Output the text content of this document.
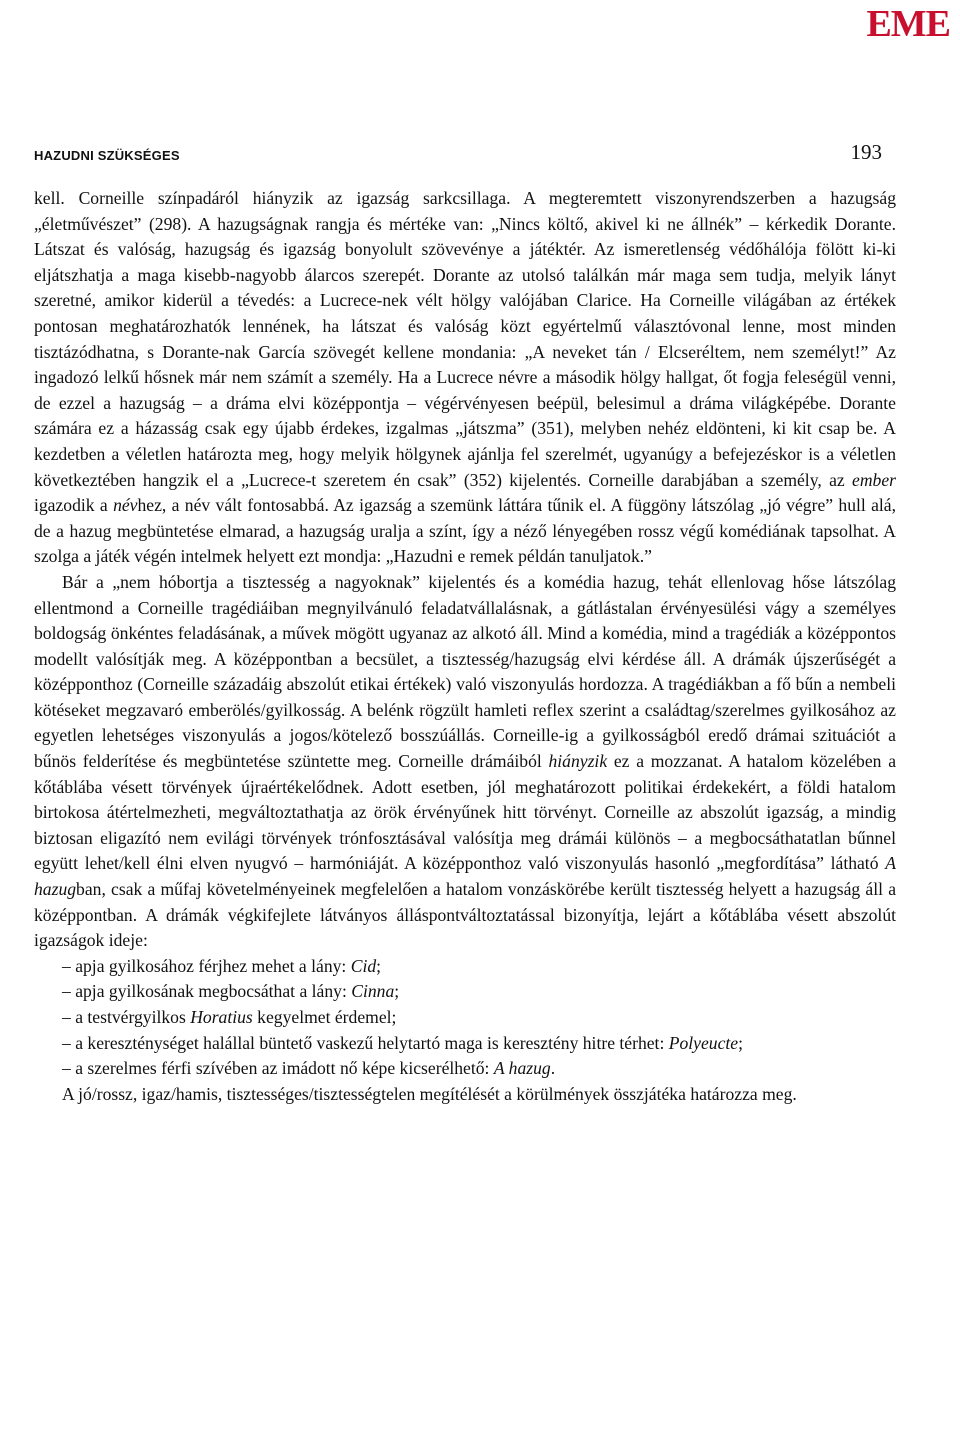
EME
HAZUDNI SZÜKSÉGES	193

kell. Corneille színpadáról hiányzik az igazság sarkcsillaga. A megteremtett viszonyrendszerben a hazugság „életművészet” (298). A hazugságnak rangja és mértéke van: „Nincs költő, akivel ki ne állnék” – kérkedik Dorante. Látszat és valóság, hazugság és igazság bonyolult szövevénye a játéktér. Az ismeretlenség védőhálója fölött ki-ki eljátszhatja a maga kisebb-nagyobb álarcos szerepét. Dorante az utolsó találkán már maga sem tudja, melyik lányt szeretné, amikor kiderül a tévedés: a Lucrece-nek vélt hölgy valójában Clarice. Ha Corneille világában az értékek pontosan meghatározhatók lennének, ha látszat és valóság közt egyértelmű választóvonal lenne, most minden tisztázódhatna, s Dorante-nak García szövegét kellene mondania: „A neveket tán / Elcseréltem, nem személyt!” Az ingadozó lelkű hősnek már nem számít a személy. Ha a Lucrece névre a második hölgy hallgat, őt fogja feleségül venni, de ezzel a hazugság – a dráma elvi középpontja – végérvényesen beépül, belesimul a dráma világképébe. Dorante számára ez a házasság csak egy újabb érdekes, izgalmas „játszma” (351), melyben nehéz eldönteni, ki kit csap be. A kezdetben a véletlen határozta meg, hogy melyik hölgynek ajánlja fel szerelmét, ugyanúgy a befejezéskor is a véletlen következtében hangzik el a „Lucrece-t szeretem én csak” (352) kijelentés. Corneille darabjában a személy, az ember igazodik a névhez, a név vált fontosabbá. Az igazság a szemünk láttára tűnik el. A függöny látszólag „jó végre” hull alá, de a hazug megbüntetése elmarad, a hazugság uralja a színt, így a néző lényegében rossz végű komédiának tapsolhat. A szolga a játék végén intelmek helyett ezt mondja: „Hazudni e remek példán tanuljatok.”

Bár a „nem hóbortja a tisztesség a nagyoknak” kijelentés és a komédia hazug, tehát ellenlovag hőse látszólag ellentmond a Corneille tragédiáiban megnyilvánuló feladatvállalásnak, a gátlástalan érvényesülési vágy a személyes boldogság önkéntes feladásának, a művek mögött ugyanaz az alkotó áll. Mind a komédia, mind a tragédiák a középpontos modellt valósítják meg. A középpontban a becsület, a tisztesség/hazugság elvi kérdése áll. A drámák újszerűségét a középponthoz (Corneille századáig abszolút etikai értékek) való viszonyulás hordozza. A tragédiákban a fő bűn a nembeli kötéseket megzavaró emberölés/gyilkosság. A belénk rögzült hamleti reflex szerint a családtag/szerelmes gyilkosához az egyetlen lehetséges viszonyulás a jogos/kötelező bosszúállás. Corneille-ig a gyilkosságból eredő drámai szituációt a bűnös felderítése és megbüntetése szüntette meg. Corneille drámáiból hiányzik ez a mozzanat. A hatalom közelében a kőtáblába vésett törvények újraértékelődnek. Adott esetben, jól meghatározott politikai érdekekért, a földi hatalom birtokosa átértelmezheti, megváltoztathatja az örök érvényűnek hitt törvényt. Corneille az abszolút igazság, a mindig biztosan eligazító nem evilági törvények trónfosztásával valósítja meg drámái különös – a megbocsáthatatlan bűnnel együtt lehet/kell élni elven nyugvó – harmóniáját. A középponthoz való viszonyulás hasonló „megfordítása” látható A hazugban, csak a műfaj követelményeinek megfelelően a hatalom vonzáskörébe került tisztesség helyett a hazugság áll a középpontban. A drámák végkifejlete látványos álláspontváltoztatással bizonyítja, lejárt a kőtáblába vésett abszolút igazságok ideje:

– apja gyilkosához férjhez mehet a lány: Cid;

– apja gyilkosának megbocsáthat a lány: Cinna;

– a testvérgyilkos Horatius kegyelmet érdemel;

– a kereszténységet halállal büntető vaskezű helytartó maga is keresztény hitre térhet: Polyeucte;

– a szerelmes férfi szívében az imádott nő képe kicserélhető: A hazug.

A jó/rossz, igaz/hamis, tisztességes/tisztességtelen megítélését a körülmények összjátéka határozza meg.
